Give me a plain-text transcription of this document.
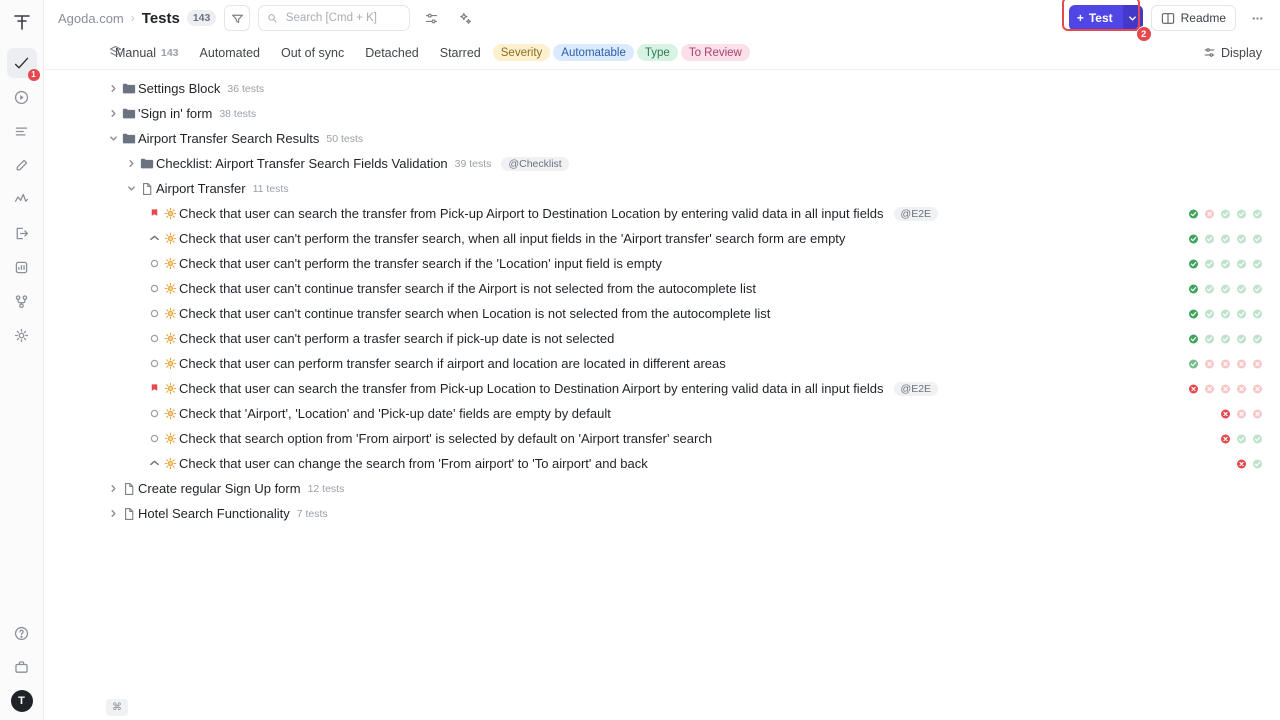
1
T
Agoda.com › Tests	143
Search [Cmd + K]	+ Test
2
Readme
Manual 143 Automated Out of sync Detached Starred	Severity	Automatable	Type	To Review	Display
Settings Block 36 tests
'Sign in' form 38 tests
Airport Transfer Search Results 50 tests
Checklist: Airport Transfer Search Fields Validation 39 tests	@Checklist
Airport Transfer 11 tests
Check that user can search the transfer from Pick-up Airport to Destination Location by entering valid data in all input fields	@E2E
Check that user can't perform the transfer search, when all input fields in the 'Airport transfer' search form are empty
Check that user can't perform the transfer search if the 'Location' input field is empty
Check that user can't continue transfer search if the Airport is not selected from the autocomplete list
Check that user can't continue transfer search when Location is not selected from the autocomplete list
Check that user can't perform a trasfer search if pick-up date is not selected
Check that user can perform transfer search if airport and location are located in different areas
Check that user can search the transfer from Pick-up Location to Destination Airport by entering valid data in all input fields	@E2E
Check that 'Airport', 'Location' and 'Pick-up date' fields are empty by default
Check that search option from 'From airport' is selected by default on 'Airport transfer' search
Check that user can change the search from 'From airport' to 'To airport' and back
Create regular Sign Up form 12 tests
Hotel Search Functionality 7 tests
⌘
